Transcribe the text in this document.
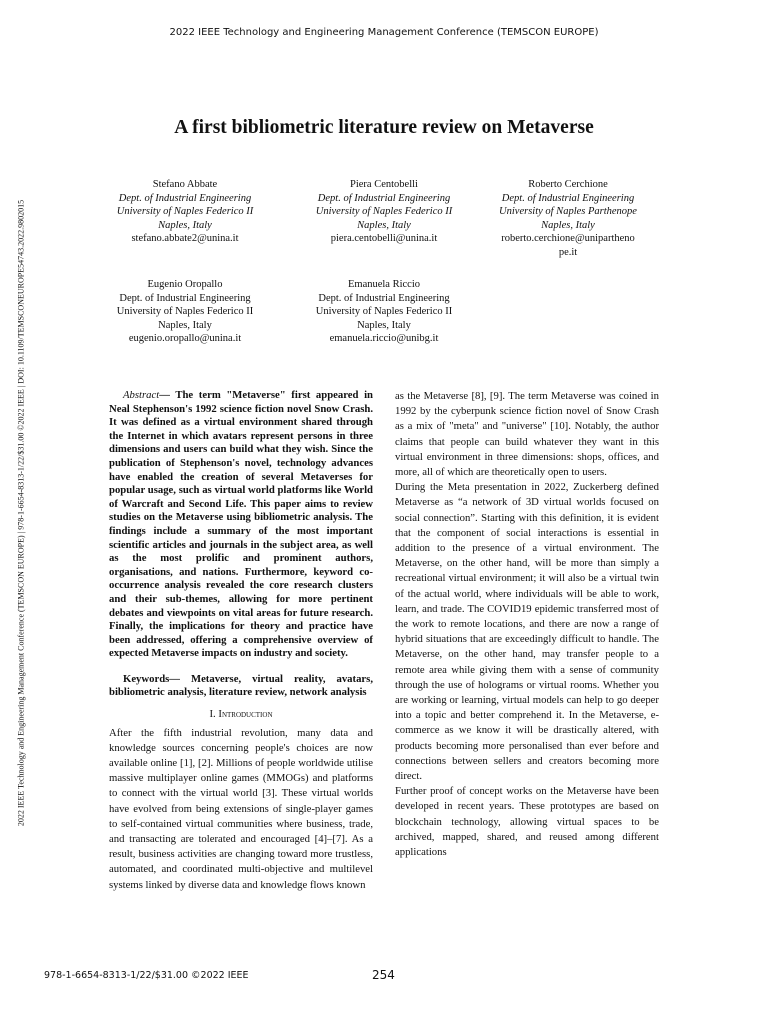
2022 IEEE Technology and Engineering Management Conference (TEMSCON EUROPE)
2022 IEEE Technology and Engineering Management Conference (TEMSCON EUROPE) | 978-1-6654-8313-1/22/$31.00 ©2022 IEEE | DOI: 10.1109/TEMSCONEUROPE54743.2022.9802015
A first bibliometric literature review on Metaverse
Stefano Abbate
Dept. of Industrial Engineering
University of Naples Federico II
Naples, Italy
stefano.abbate2@unina.it
Piera Centobelli
Dept. of Industrial Engineering
University of Naples Federico II
Naples, Italy
piera.centobelli@unina.it
Roberto Cerchione
Dept. of Industrial Engineering
University of Naples Parthenope
Naples, Italy
roberto.cerchione@unipartheno pe.it
Eugenio Oropallo
Dept. of Industrial Engineering
University of Naples Federico II
Naples, Italy
eugenio.oropallo@unina.it
Emanuela Riccio
Dept. of Industrial Engineering
University of Naples Federico II
Naples, Italy
emanuela.riccio@unibg.it

Abstract— The term "Metaverse" first appeared in Neal Stephenson's 1992 science fiction novel Snow Crash. It was defined as a virtual environment shared through the Internet in which avatars represent persons in three dimensions and users can build what they wish. Since the publication of Stephenson's novel, technology advances have enabled the creation of several Metaverses for popular usage, such as virtual world platforms like World of Warcraft and Second Life. This paper aims to review studies on the Metaverse using bibliometric analysis. The findings include a summary of the most important scientific articles and journals in the subject area, as well as the most prolific and prominent authors, organisations, and nations. Furthermore, keyword co-occurrence analysis revealed the core research clusters and their sub-themes, allowing for more pertinent debates and viewpoints on vital areas for future research. Finally, the implications for theory and practice have been addressed, offering a comprehensive overview of expected Metaverse impacts on industry and society.

Keywords— Metaverse, virtual reality, avatars, bibliometric analysis, literature review, network analysis

I. Introduction

After the fifth industrial revolution, many data and knowledge sources concerning people's choices are now available online [1], [2]. Millions of people worldwide utilise massive multiplayer online games (MMOGs) and platforms to connect with the virtual world [3]. These virtual worlds have evolved from being extensions of single-player games to self-contained virtual communities where business, trade, and transacting are tolerated and encouraged [4]–[7]. As a result, business activities are changing toward more trustless, automated, and coordinated multi-objective and multilevel systems linked by diverse data and knowledge flows known

as the Metaverse [8], [9]. The term Metaverse was coined in 1992 by the cyberpunk science fiction novel of Snow Crash as a mix of "meta" and "universe" [10]. Notably, the author claims that people can build whatever they want in this virtual environment in three dimensions: shops, offices, and more, all of which are theoretically open to users.

During the Meta presentation in 2022, Zuckerberg defined Metaverse as “a network of 3D virtual worlds focused on social connection”. Starting with this definition, it is evident that the component of social interactions is essential in addition to the presence of a virtual environment. The Metaverse, on the other hand, will be more than simply a recreational virtual environment; it will also be a virtual twin of the actual world, where individuals will be able to work, learn, and trade. The COVID19 epidemic transferred most of the work to remote locations, and there are now a range of hybrid situations that are exceedingly difficult to handle. The Metaverse, on the other hand, may transfer people to a remote area while giving them with a sense of community through the use of holograms or virtual rooms. Whether you are working or learning, virtual models can help to go deeper into a topic and better comprehend it. In the Metaverse, e-commerce as we know it will be drastically altered, with products becoming more personalised than ever before and connections between sellers and creators becoming more direct.

Further proof of concept works on the Metaverse have been developed in recent years. These prototypes are based on blockchain technology, allowing virtual spaces to be archived, mapped, shared, and reused among different applications

978-1-6654-8313-1/22/$31.00 ©2022 IEEE	254
